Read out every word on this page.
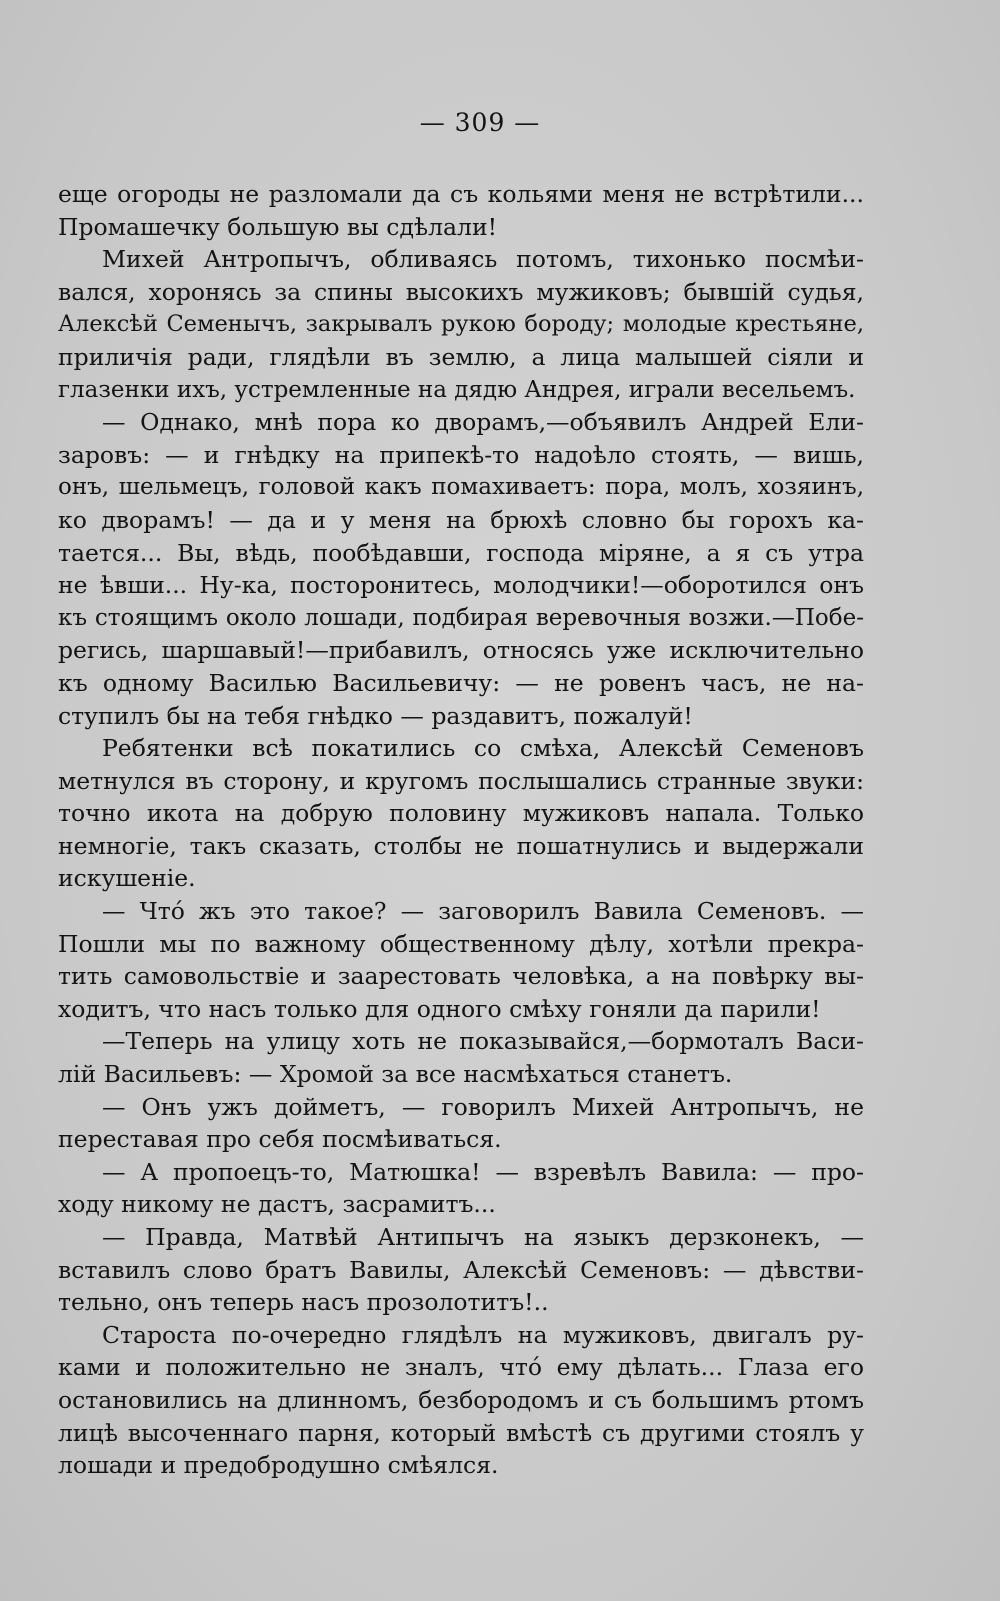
— 309 —
еще огороды не разломали да съ кольями меня не встрѣтили...
Промашечку большую вы сдѣлали!
Михей Антропычъ, обливаясь потомъ, тихонько посмѣи-
вался, хоронясь за спины высокихъ мужиковъ; бывшій судья,
Алексѣй Семенычъ, закрывалъ рукою бороду; молодые крестьяне,
приличія ради, глядѣли въ землю, а лица малышей сіяли и
глазенки ихъ, устремленные на дядю Андрея, играли весельемъ.
— Однако, мнѣ пора ко дворамъ,—объявилъ Андрей Ели-
заровъ: — и гнѣдку на припекѣ-то надоѣло стоять, — вишь,
онъ, шельмецъ, головой какъ помахиваетъ: пора, молъ, хозяинъ,
ко дворамъ! — да и у меня на брюхѣ словно бы горохъ ка-
тается... Вы, вѣдь, пообѣдавши, господа міряне, а я съ утра
не ѣвши... Ну-ка, посторонитесь, молодчики!—оборотился онъ
къ стоящимъ около лошади, подбирая веревочныя возжи.—Побе-
регись, шаршавый!—прибавилъ, относясь уже исключительно
къ одному Василью Васильевичу: — не ровенъ часъ, не на-
ступилъ бы на тебя гнѣдко — раздавитъ, пожалуй!
Ребятенки всѣ покатились со смѣха, Алексѣй Семеновъ
метнулся въ сторону, и кругомъ послышались странные звуки:
точно икота на добрую половину мужиковъ напала. Только
немногіе, такъ сказать, столбы не пошатнулись и выдержали
искушеніе.
— Чтó жъ это такое? — заговорилъ Вавила Семеновъ. —
Пошли мы по важному общественному дѣлу, хотѣли прекра-
тить самовольствіе и заарестовать человѣка, а на повѣрку вы-
ходитъ, что насъ только для одного смѣху гоняли да парили!
—Теперь на улицу хоть не показывайся,—бормоталъ Васи-
лій Васильевъ: — Хромой за все насмѣхаться станетъ.
— Онъ ужъ дойметъ, — говорилъ Михей Антропычъ, не
переставая про себя посмѣиваться.
— А пропоецъ-то, Матюшка! — взревѣлъ Вавила: — про-
ходу никому не дастъ, засрамитъ...
— Правда, Матвѣй Антипычъ на языкъ дерзконекъ, —
вставилъ слово братъ Вавилы, Алексѣй Семеновъ: — дѣвстви-
тельно, онъ теперь насъ прозолотитъ!..
Староста по-очередно глядѣлъ на мужиковъ, двигалъ ру-
ками и положительно не зналъ, чтó ему дѣлать... Глаза его
остановились на длинномъ, безбородомъ и съ большимъ ртомъ
лицѣ высоченнаго парня, который вмѣстѣ съ другими стоялъ у
лошади и предобродушно смѣялся.
